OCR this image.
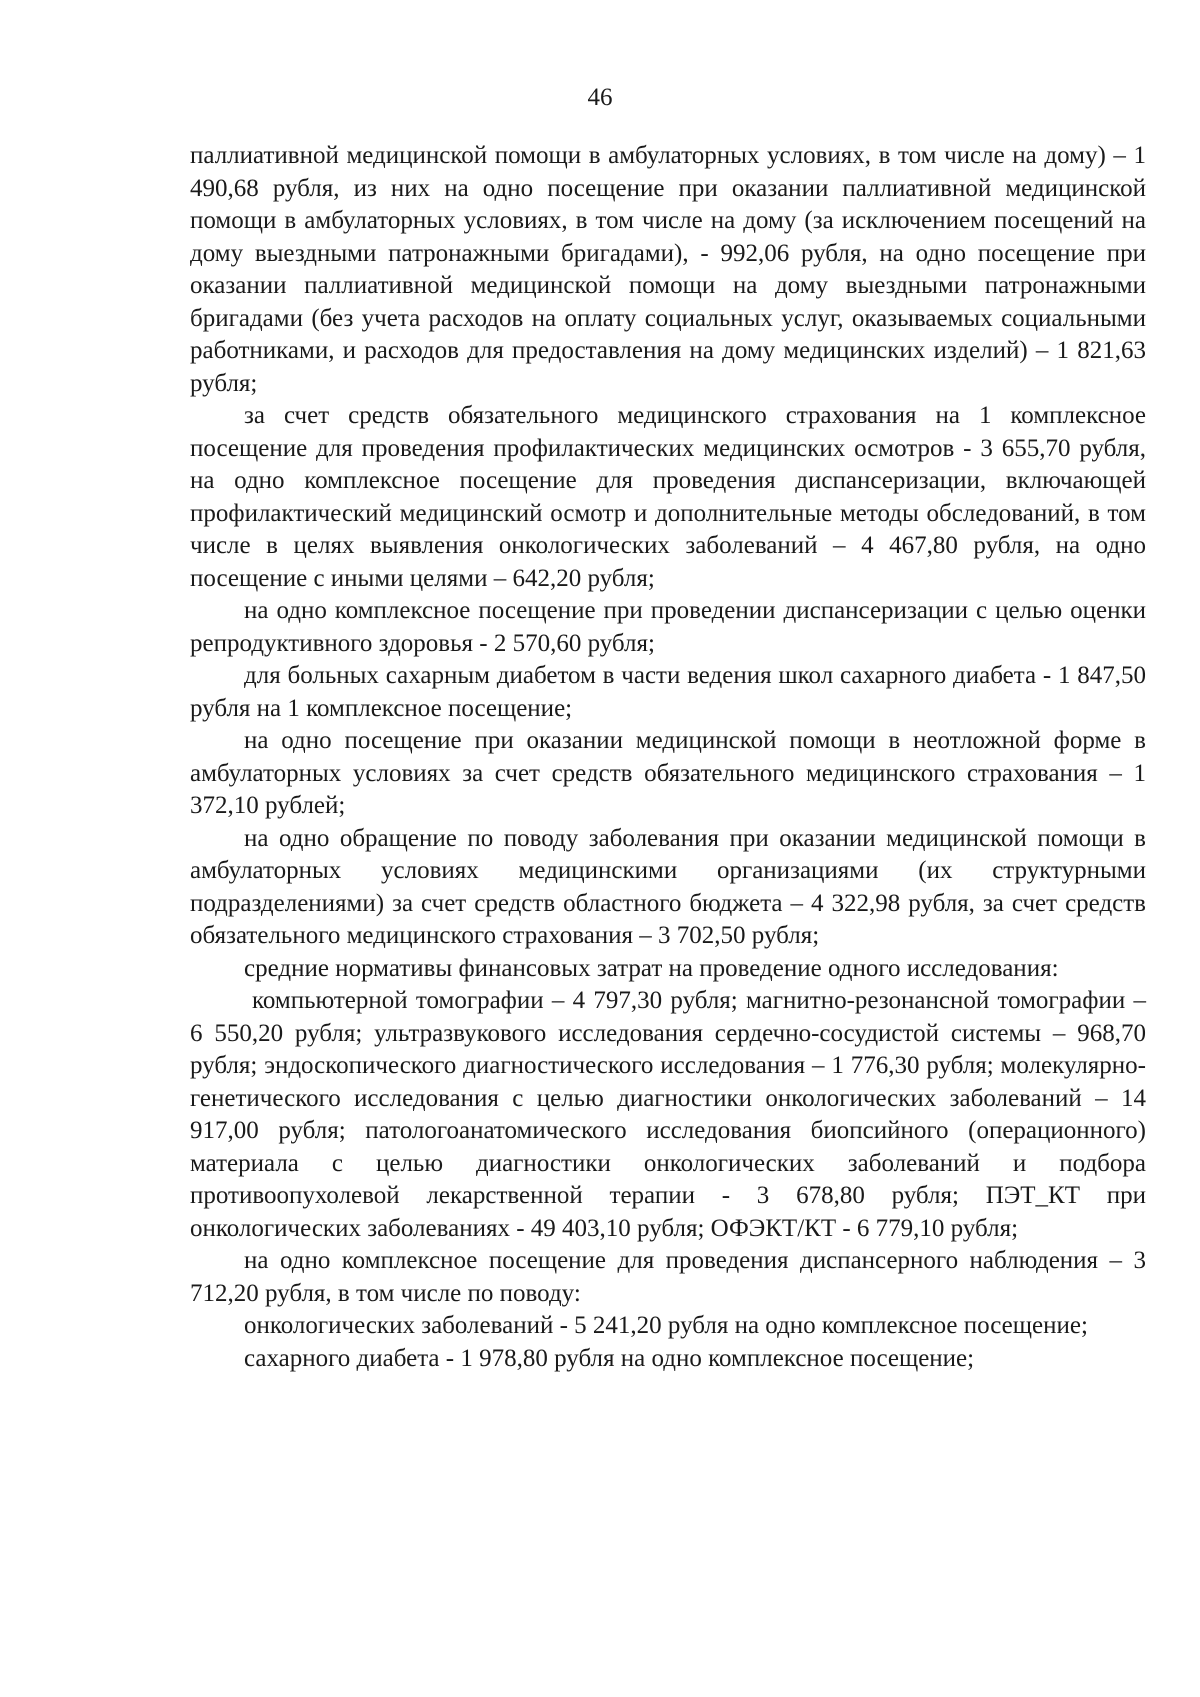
46

паллиативной медицинской помощи в амбулаторных условиях, в том числе на дому) – 1 490,68 рубля, из них на одно посещение при оказании паллиативной медицинской помощи в амбулаторных условиях, в том числе на дому (за исключением посещений на дому выездными патронажными бригадами), - 992,06 рубля, на одно посещение при оказании паллиативной медицинской помощи на дому выездными патронажными бригадами (без учета расходов на оплату социальных услуг, оказываемых социальными работниками, и расходов для предоставления на дому медицинских изделий) – 1 821,63 рубля;

за счет средств обязательного медицинского страхования на 1 комплексное посещение для проведения профилактических медицинских осмотров - 3 655,70 рубля, на одно комплексное посещение для проведения диспансеризации, включающей профилактический медицинский осмотр и дополнительные методы обследований, в том числе в целях выявления онкологических заболеваний – 4 467,80 рубля, на одно посещение с иными целями – 642,20 рубля;

на одно комплексное посещение при проведении диспансеризации с целью оценки репродуктивного здоровья - 2 570,60 рубля;

для больных сахарным диабетом в части ведения школ сахарного диабета - 1 847,50 рубля на 1 комплексное посещение;

на одно посещение при оказании медицинской помощи в неотложной форме в амбулаторных условиях за счет средств обязательного медицинского страхования – 1 372,10 рублей;

на одно обращение по поводу заболевания при оказании медицинской помощи в амбулаторных условиях медицинскими организациями (их структурными подразделениями) за счет средств областного бюджета – 4 322,98 рубля, за счет средств обязательного медицинского страхования – 3 702,50 рубля;

средние нормативы финансовых затрат на проведение одного исследования:

компьютерной томографии – 4 797,30 рубля; магнитно-резонансной томографии – 6 550,20 рубля; ультразвукового исследования сердечно-сосудистой системы – 968,70 рубля; эндоскопического диагностического исследования – 1 776,30 рубля; молекулярно-генетического исследования с целью диагностики онкологических заболеваний – 14 917,00 рубля; патологоанатомического исследования биопсийного (операционного) материала с целью диагностики онкологических заболеваний и подбора противоопухолевой лекарственной терапии - 3 678,80 рубля; ПЭТ_КТ при онкологических заболеваниях - 49 403,10 рубля; ОФЭКТ/КТ - 6 779,10 рубля;

на одно комплексное посещение для проведения диспансерного наблюдения – 3 712,20 рубля, в том числе по поводу:

онкологических заболеваний - 5 241,20 рубля на одно комплексное посещение;

сахарного диабета - 1 978,80 рубля на одно комплексное посещение;
